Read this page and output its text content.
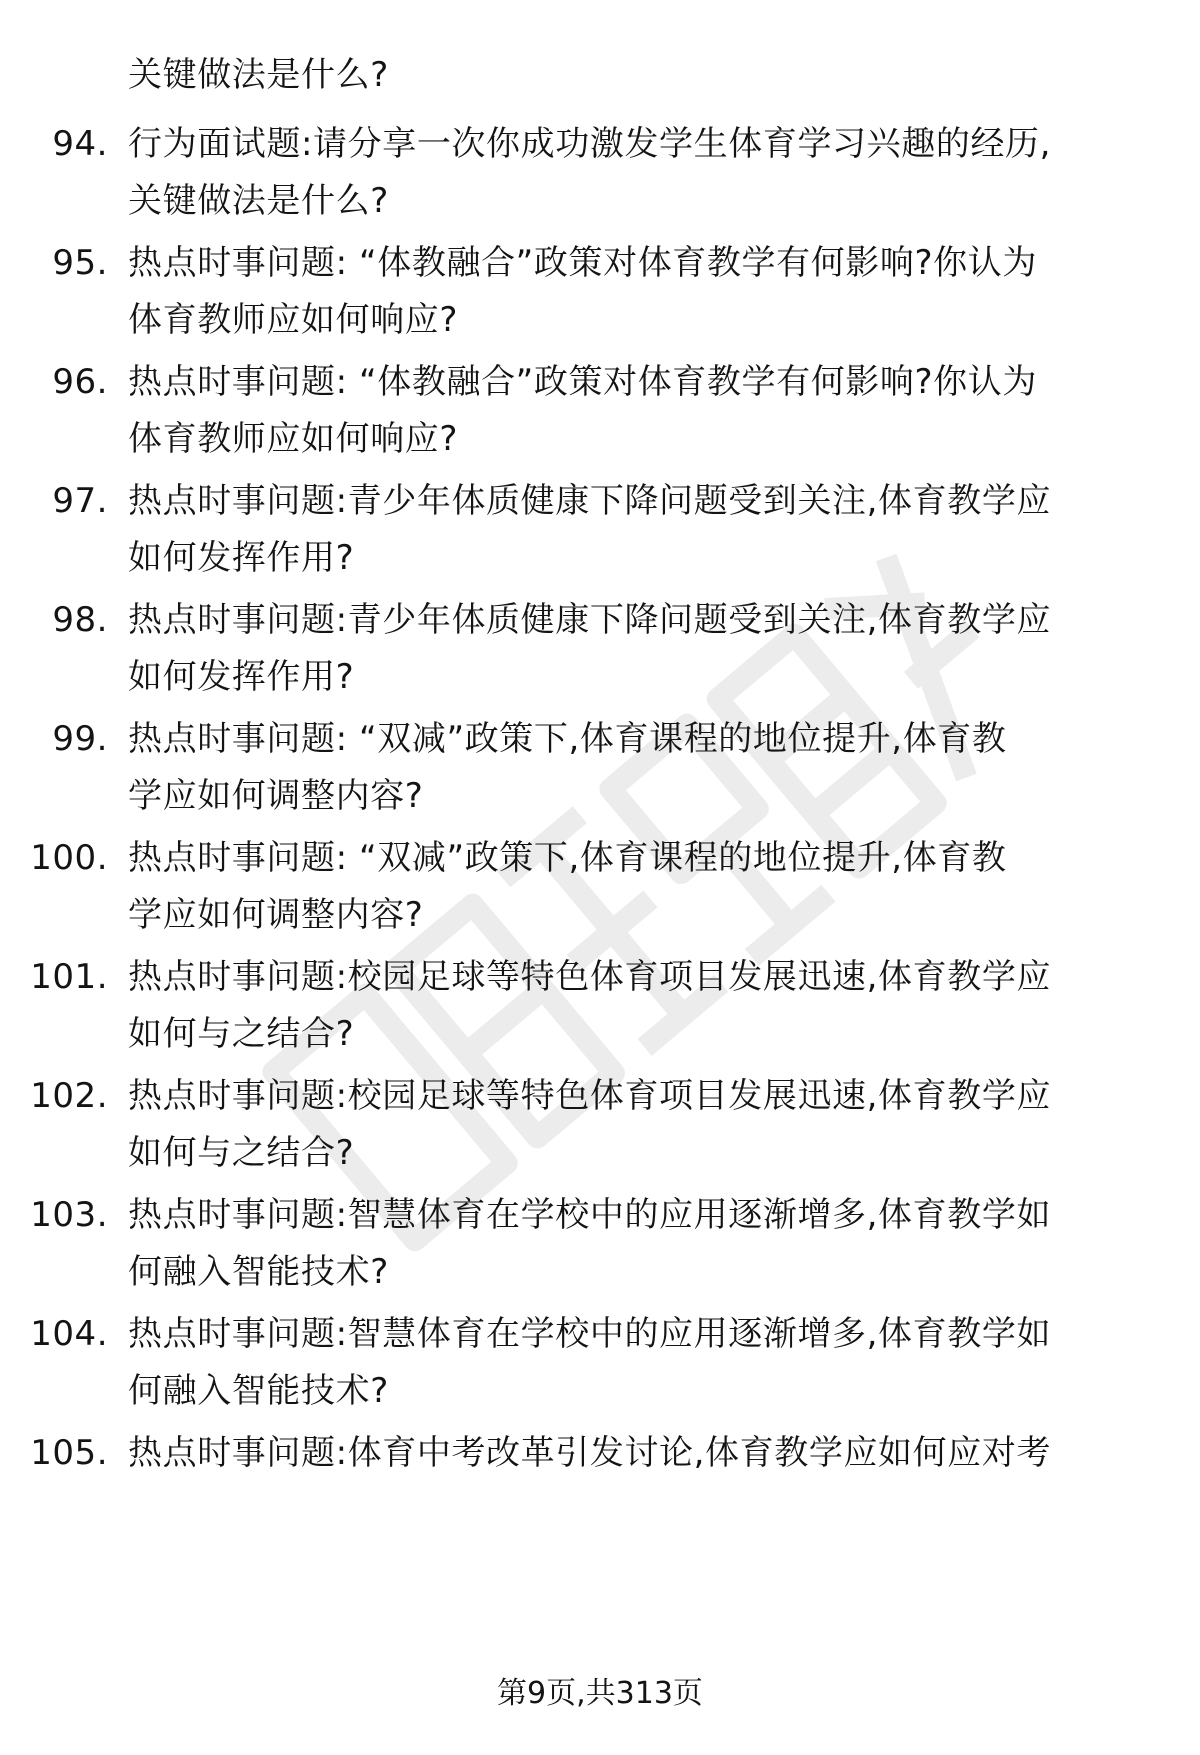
关键做法是什么?
94. 行为面试题:请分享一次你成功激发学生体育学习兴趣的经历,
关键做法是什么?
95. 热点时事问题: “体教融合”政策对体育教学有何影响?你认为
体育教师应如何响应?
96. 热点时事问题: “体教融合”政策对体育教学有何影响?你认为
体育教师应如何响应?
97. 热点时事问题:青少年体质健康下降问题受到关注,体育教学应
如何发挥作用?
98. 热点时事问题:青少年体质健康下降问题受到关注,体育教学应
如何发挥作用?
99. 热点时事问题: “双减”政策下,体育课程的地位提升,体育教
学应如何调整内容?
100. 热点时事问题: “双减”政策下,体育课程的地位提升,体育教
学应如何调整内容?
101. 热点时事问题:校园足球等特色体育项目发展迅速,体育教学应
如何与之结合?
102. 热点时事问题:校园足球等特色体育项目发展迅速,体育教学应
如何与之结合?
103. 热点时事问题:智慧体育在学校中的应用逐渐增多,体育教学如
何融入智能技术?
104. 热点时事问题:智慧体育在学校中的应用逐渐增多,体育教学如
何融入智能技术?
105. 热点时事问题:体育中考改革引发讨论,体育教学应如何应对考
第9页,共313页
